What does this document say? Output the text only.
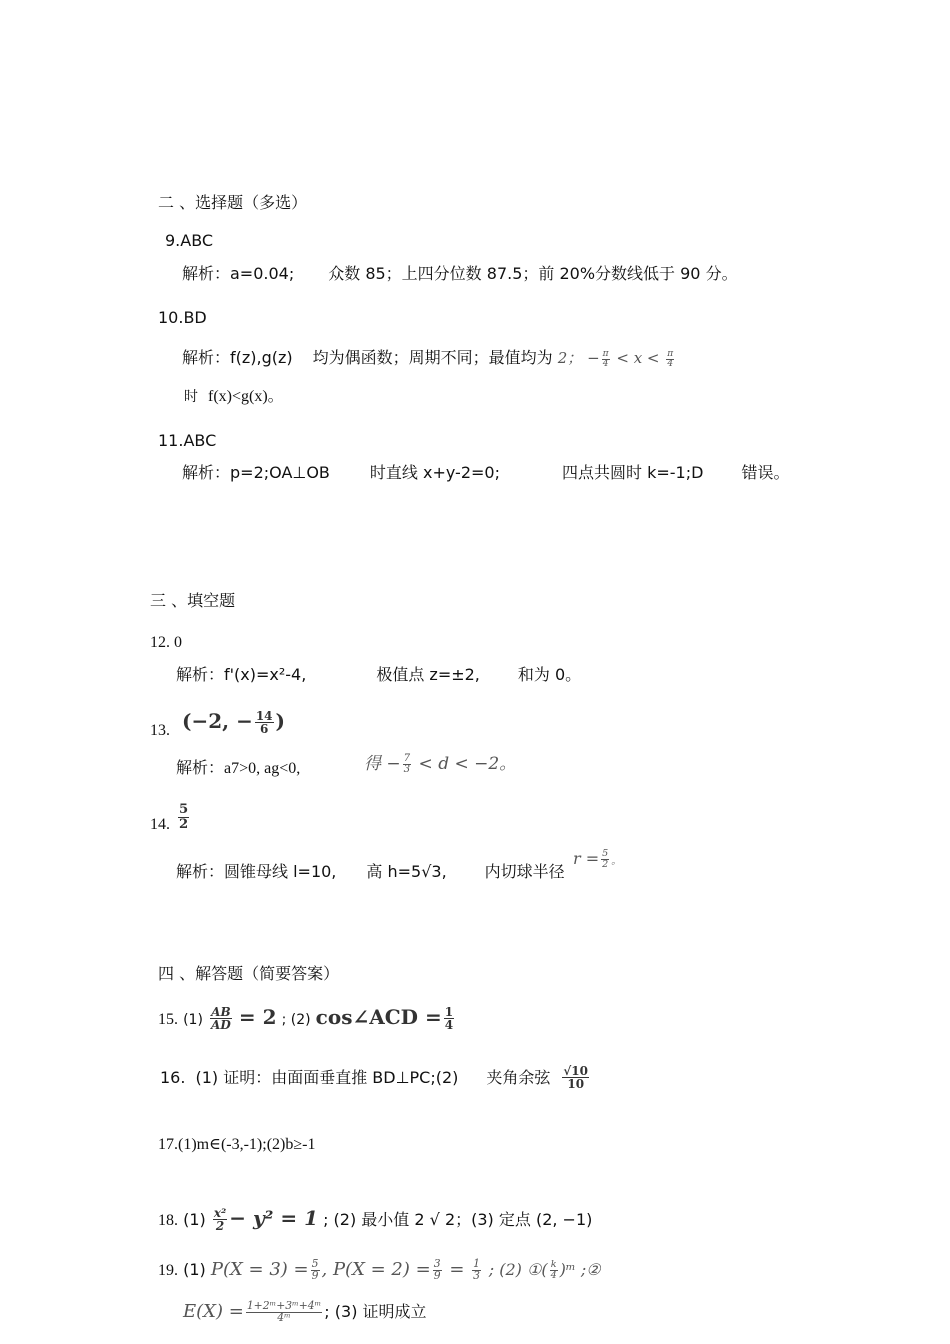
二 、选择题（多选）
9.ABC
解析：a=0.04; 众数 85；上四分位数 87.5；前 20%分数线低于 90 分。
10.BD
解析：f(z),g(z) 均为偶函数；周期不同；最值均为 2； − $\frac{\pi}{4} < x < \frac{\pi}{4}$
时 f(x)<g(x)。
11.ABC
解析：p=2;OA⊥OB	时直线 x+y-2=0;	四点共圆时 k=-1;D 错误。
三 、填空题
12. 0
解析：f'(x)=x²-4,	极值点 z=±2, 和为 0。
13. (−2, − $\frac{14}{6}$ )
解析：a7>0, ag<0,	得 − $\frac{7}{3} < d < -2$。
14. $\frac{5}{2}$
解析：圆锥母线 l=10, 高 h=5√3, 内切球半径
$r = \frac{5}{2}$ 。
四 、解答题（简要答案）
15. $(1) \frac{AB}{AD} = 2$ ; (2) cos∠ACD = $\frac{1}{4}$
16. (1) 证明：由面面垂直推 BD⊥PC;(2) 夹角余弦 $\frac{√10}{10}$
17.(1)m∈(-3,-1);(2)b≥-1
18. $(1) \frac{\text{x²}}{2} - y^2 = 1$ ; (2) 最小值 2 √ 2；(3) 定点 (2, −1)
19. (1) $P(X = 3) = \frac{5}{9}$ , $P(X = 2) = \frac{3}{9} = \frac{1}{3}$ ; (2) ①( $\frac{k}{4}$ )ᵐ ;②
$E(X) = \frac{\text{1+2ᵐ+3ᵐ+4ᵐ}}{\text{4ᵐ}}$ ; (3) 证明成立
